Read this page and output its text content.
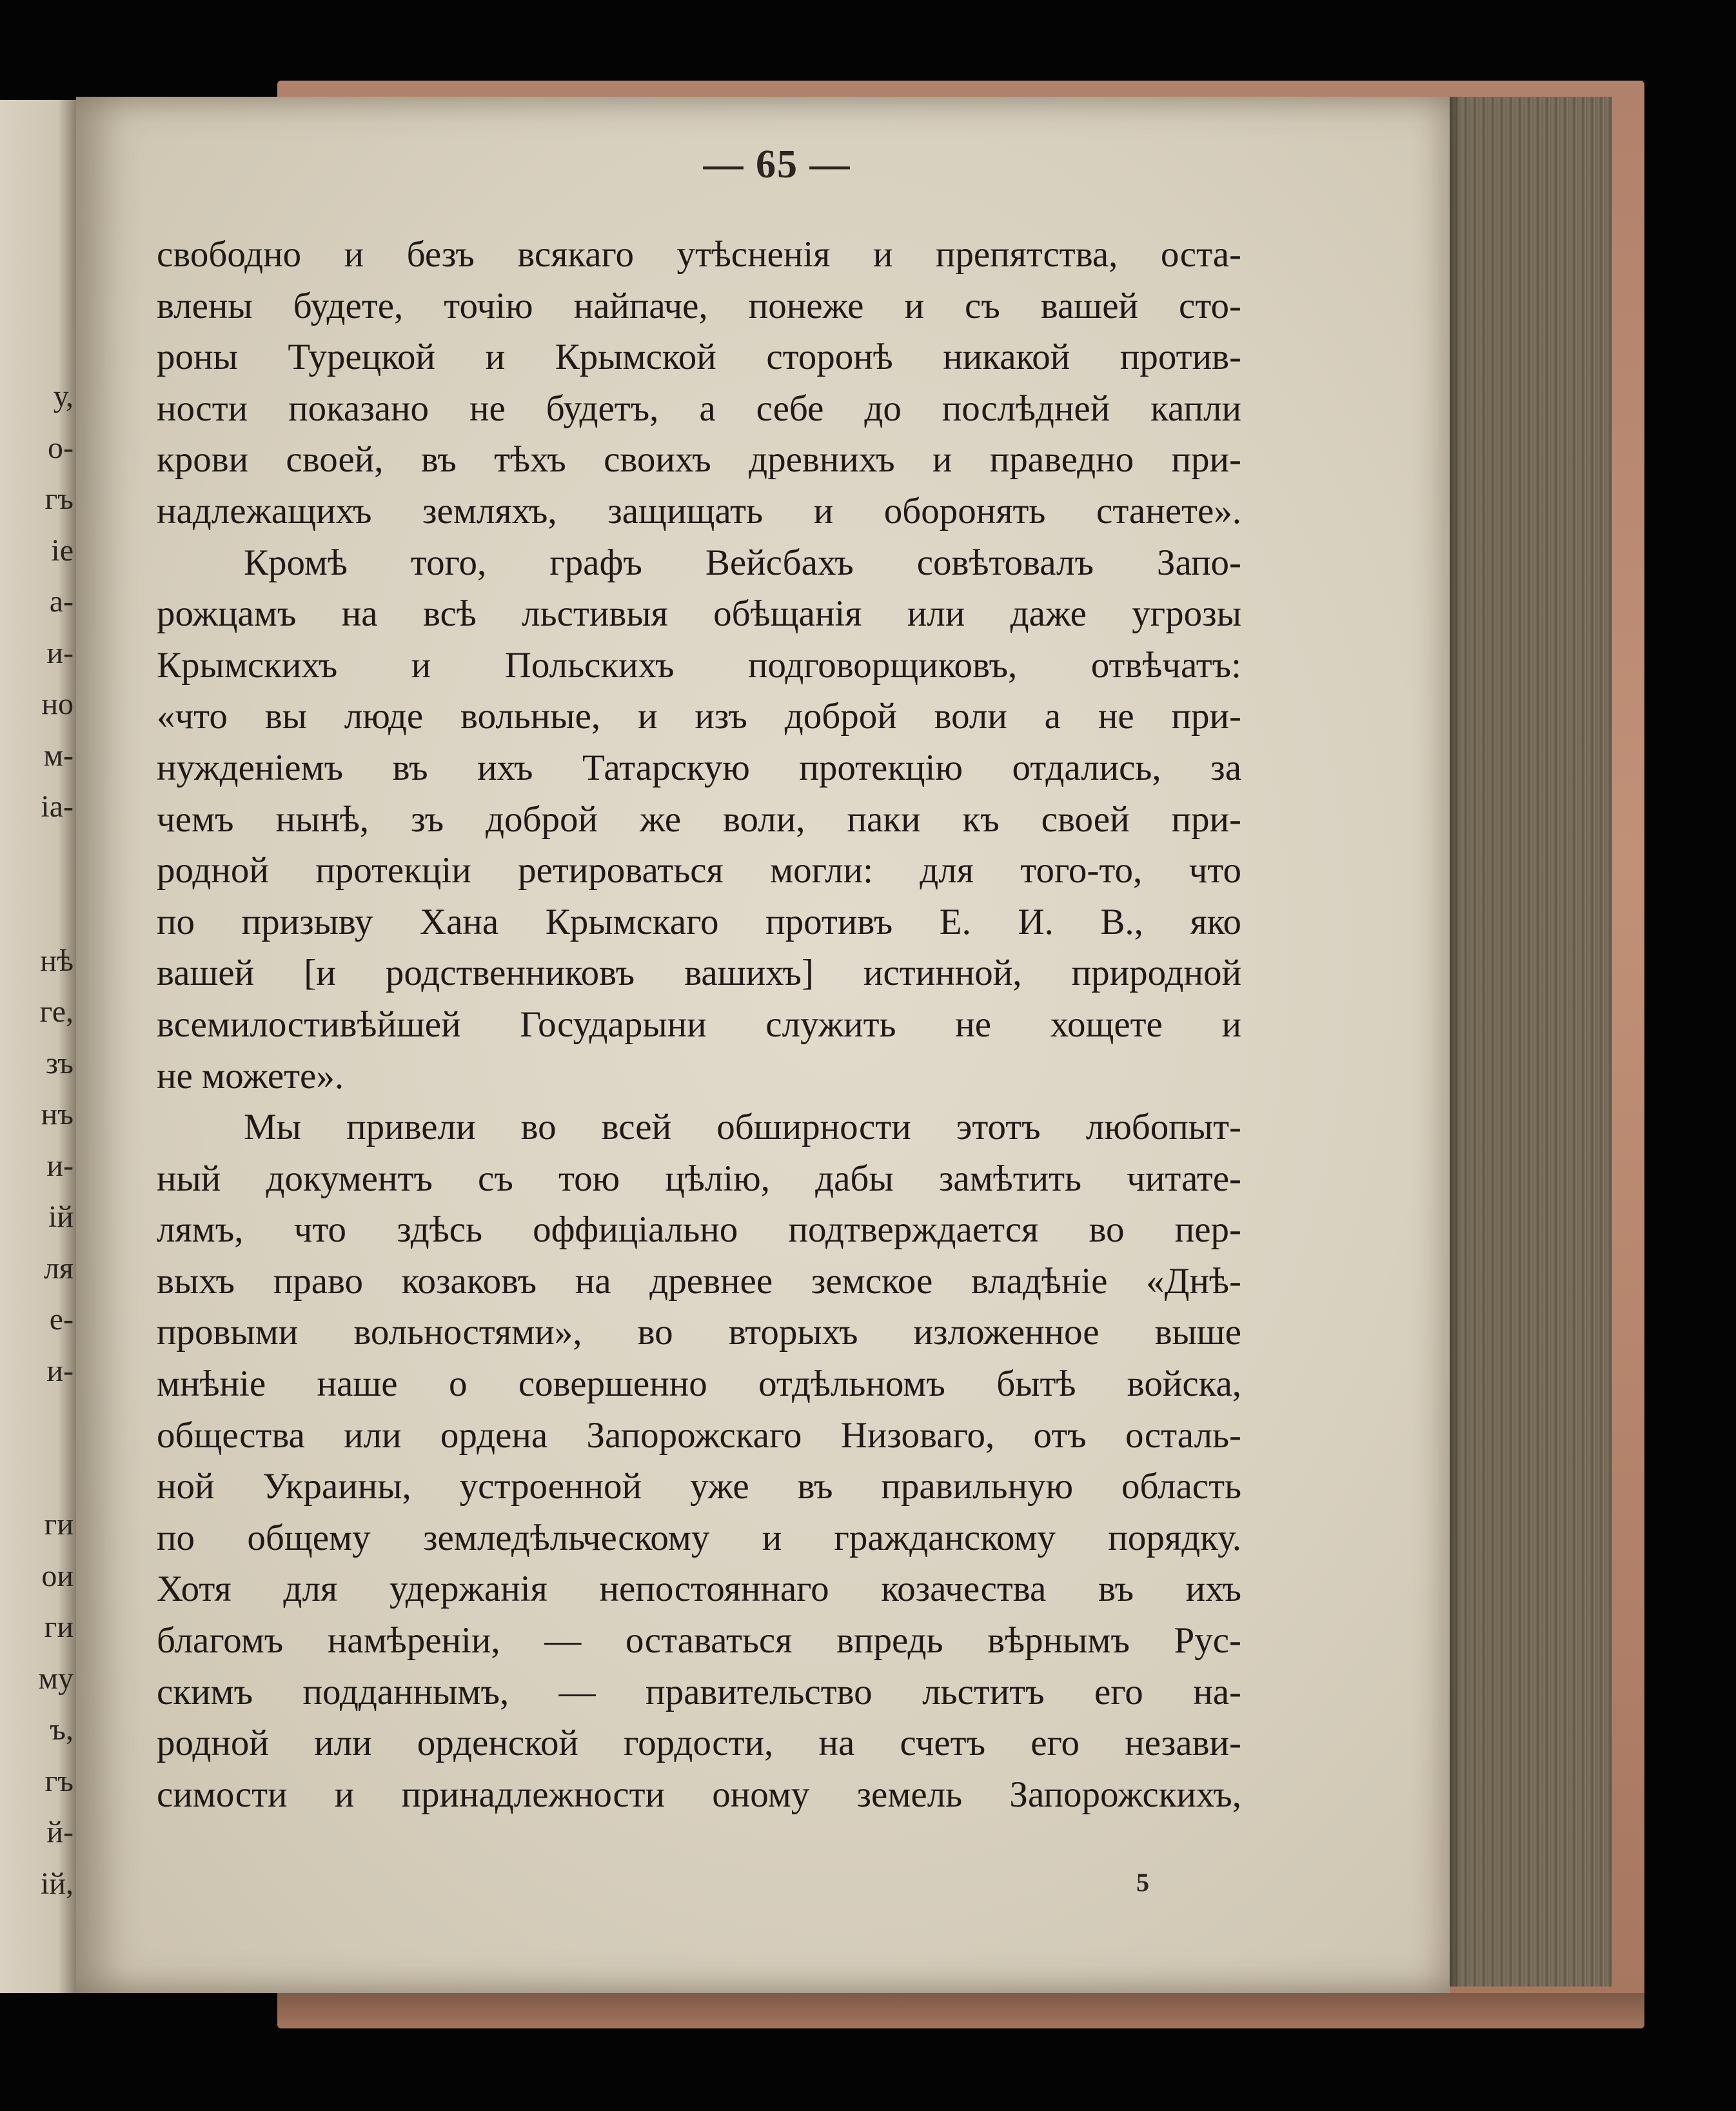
у,
о-
гъ
iе
а-
и-
но
м-
іа-
нѣ
ге,
зъ
нъ
и-
ій
ля
е-
и-
ги
ои
ги
му
ъ,
гъ
й-
ій,
— 65 —
свободно и безъ всякаго утѣсненія и препятства, оста-
влены будете, точію найпаче, понеже и съ вашей сто-
роны Турецкой и Крымской сторонѣ никакой против-
ности показано не будетъ, а себе до послѣдней капли
крови своей, въ тѣхъ своихъ древнихъ и праведно при-
надлежащихъ земляхъ, защищать и оборонять станете».
Кромѣ того, графъ Вейсбахъ совѣтовалъ Запо-
рожцамъ на всѣ льстивыя обѣщанія или даже угрозы
Крымскихъ и Польскихъ подговорщиковъ, отвѣчатъ:
«что вы люде вольные, и изъ доброй воли а не при-
нужденіемъ въ ихъ Татарскую протекцію отдались, за
чемъ нынѣ, зъ доброй же воли, паки къ своей при-
родной протекціи ретироваться могли: для того-то, что
по призыву Хана Крымскаго противъ Е. И. В., яко
вашей [и родственниковъ вашихъ] истинной, природной
всемилостивѣйшей Государыни служить не хощете и
не можете».
Мы привели во всей обширности этотъ любопыт-
ный документъ съ тою цѣлію, дабы замѣтить читате-
лямъ, что здѣсь оффиціально подтверждается во пер-
выхъ право козаковъ на древнее земское владѣніе «Днѣ-
провыми вольностями», во вторыхъ изложенное выше
мнѣніе наше о совершенно отдѣльномъ бытѣ войска,
общества или ордена Запорожскаго Низоваго, отъ осталь-
ной Украины, устроенной уже въ правильную область
по общему земледѣльческому и гражданскому порядку.
Хотя для удержанія непостояннаго козачества въ ихъ
благомъ намѣреніи, — оставаться впредь вѣрнымъ Рус-
скимъ подданнымъ, — правительство льститъ его на-
родной или орденской гордости, на счетъ его незави-
симости и принадлежности оному земель Запорожскихъ,
5
